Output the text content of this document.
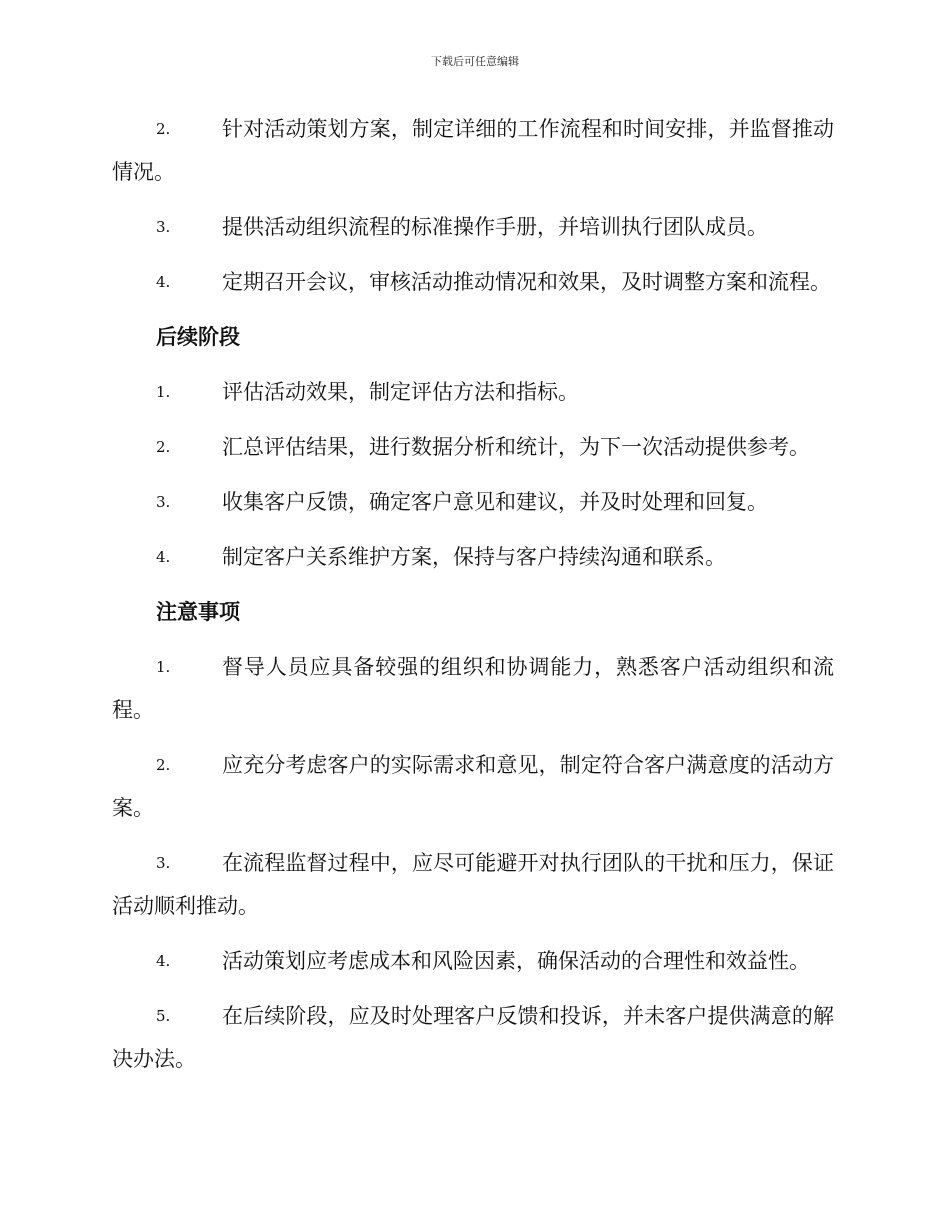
下载后可任意编辑
2. 针对活动策划方案，制定详细的工作流程和时间安排，并监督推动情况。
3. 提供活动组织流程的标准操作手册，并培训执行团队成员。
4. 定期召开会议，审核活动推动情况和效果，及时调整方案和流程。
后续阶段
1. 评估活动效果，制定评估方法和指标。
2. 汇总评估结果，进行数据分析和统计，为下一次活动提供参考。
3. 收集客户反馈，确定客户意见和建议，并及时处理和回复。
4. 制定客户关系维护方案，保持与客户持续沟通和联系。
注意事项
1. 督导人员应具备较强的组织和协调能力，熟悉客户活动组织和流程。
2. 应充分考虑客户的实际需求和意见，制定符合客户满意度的活动方案。
3. 在流程监督过程中，应尽可能避开对执行团队的干扰和压力，保证活动顺利推动。
4. 活动策划应考虑成本和风险因素，确保活动的合理性和效益性。
5. 在后续阶段，应及时处理客户反馈和投诉，并未客户提供满意的解决办法。
